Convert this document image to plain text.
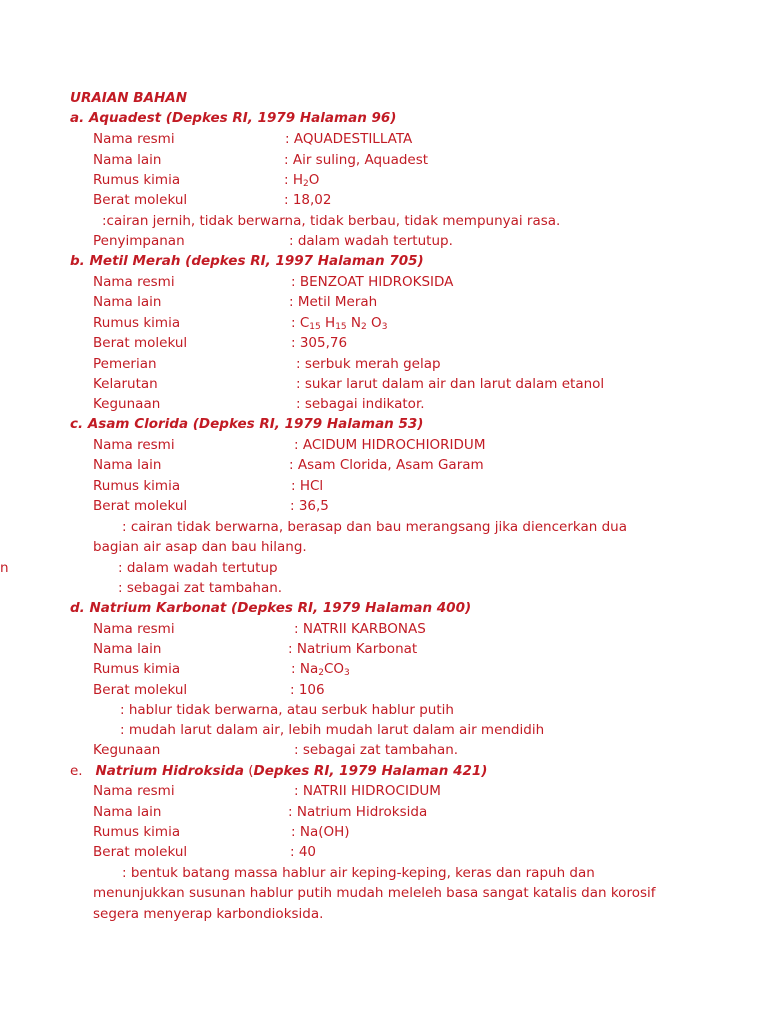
URAIAN BAHAN
a. Aquadest (Depkes RI, 1979 Halaman 96)
Nama resmi	: AQUADESTILLATA
Nama lain	: Air suling, Aquadest
Rumus kimia	: $H_2O$
Berat molekul	: 18,02
:cairan jernih, tidak berwarna, tidak berbau, tidak mempunyai rasa.
Penyimpanan	: dalam wadah tertutup.
b. Metil Merah (depkes RI, 1997 Halaman 705)
Nama resmi	: BENZOAT HIDROKSIDA
Nama lain	: Metil Merah
Rumus kimia	: $C_{15}$ $H_{15}$ $N_2$ $O_3$
Berat molekul	: 305,76
Pemerian	: serbuk merah gelap
Kelarutan	: sukar larut dalam air dan larut dalam etanol
Kegunaan	: sebagai indikator.
c. Asam Clorida (Depkes RI, 1979 Halaman 53)
Nama resmi	: ACIDUM HIDROCHIORIDUM
Nama lain	: Asam Clorida, Asam Garam
Rumus kimia	: HCl
Berat molekul	: 36,5
: cairan tidak berwarna, berasap dan bau merangsang jika diencerkan dua
bagian air asap dan bau hilang.
n	: dalam wadah tertutup
: sebagai zat tambahan.
d. Natrium Karbonat (Depkes RI, 1979 Halaman 400)
Nama resmi	: NATRII KARBONAS
Nama lain	: Natrium Karbonat
Rumus kimia	: $Na_2CO_3$
Berat molekul	: 106
: hablur tidak berwarna, atau serbuk hablur putih
: mudah larut dalam air, lebih mudah larut dalam air mendidih
Kegunaan	: sebagai zat tambahan.
e. Natrium Hidroksida (Depkes RI, 1979 Halaman 421)
Nama resmi	: NATRII HIDROCIDUM
Nama lain	: Natrium Hidroksida
Rumus kimia	: Na(OH)
Berat molekul	: 40
: bentuk batang massa hablur air keping-keping, keras dan rapuh dan
menunjukkan susunan hablur putih mudah meleleh basa sangat katalis dan korosif
segera menyerap karbondioksida.
